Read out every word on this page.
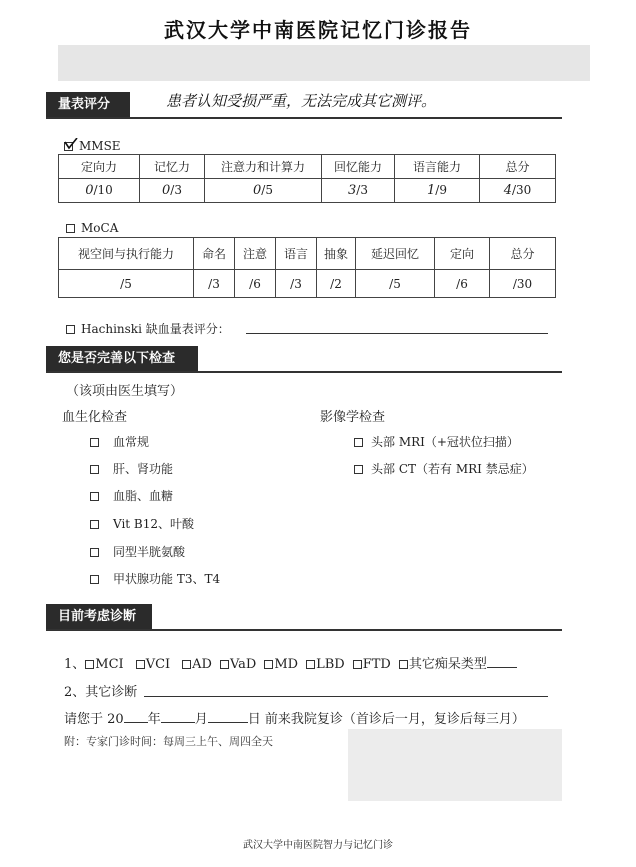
武汉大学中南医院记忆门诊报告
量表评分	患者认知受损严重，无法完成其它测评。
MMSE
定向力	记忆力	注意力和计算力	回忆能力	语言能力	总分
0/10	0/3	0/5	3/3	1/9	4/30
MoCA
视空间与执行能力	命名	注意	语言	抽象	延迟回忆	定向	总分
/5	/3	/6	/3	/2	/5	/6	/30
Hachinski 缺血量表评分：
您是否完善以下检查
（该项由医生填写）
血生化检查	影像学检查
血常规
肝、肾功能
血脂、血糖
Vit B12、叶酸
同型半胱氨酸
甲状腺功能 T3、T4
头部 MRI（+冠状位扫描）
头部 CT（若有 MRI 禁忌症）
目前考虑诊断
1、 MCI VCI AD VaD MD LBD FTD 其它痴呆类型
2、其它诊断
请您于 20 年	月	日 前来我院复诊（首诊后一月，复诊后每三月）
附：专家门诊时间：每周三上午、周四全天
武汉大学中南医院智力与记忆门诊
